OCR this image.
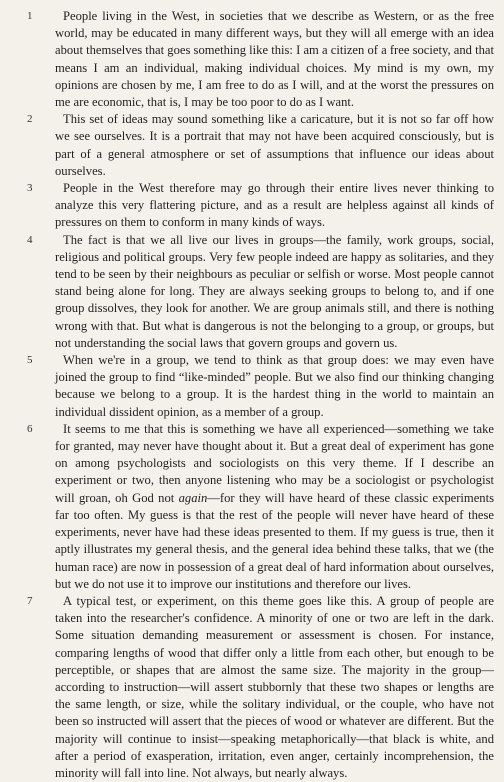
1	People living in the West, in societies that we describe as Western, or as the free world, may be educated in many different ways, but they will all emerge with an idea about themselves that goes something like this: I am a citizen of a free society, and that means I am an individual, making individual choices. My mind is my own, my opinions are chosen by me, I am free to do as I will, and at the worst the pressures on me are economic, that is, I may be too poor to do as I want.

2	This set of ideas may sound something like a caricature, but it is not so far off how we see ourselves. It is a portrait that may not have been acquired consciously, but is part of a general atmosphere or set of assumptions that influence our ideas about ourselves.

3	People in the West therefore may go through their entire lives never thinking to analyze this very flattering picture, and as a result are helpless against all kinds of pressures on them to conform in many kinds of ways.

4	The fact is that we all live our lives in groups—the family, work groups, social, religious and political groups. Very few people indeed are happy as solitaries, and they tend to be seen by their neighbours as peculiar or selfish or worse. Most people cannot stand being alone for long. They are always seeking groups to belong to, and if one group dissolves, they look for another. We are group animals still, and there is nothing wrong with that. But what is dangerous is not the belonging to a group, or groups, but not understanding the social laws that govern groups and govern us.

5	When we're in a group, we tend to think as that group does: we may even have joined the group to find “like-minded” people. But we also find our thinking changing because we belong to a group. It is the hardest thing in the world to maintain an individual dissident opinion, as a member of a group.

6	It seems to me that this is something we have all experienced—something we take for granted, may never have thought about it. But a great deal of experiment has gone on among psychologists and sociologists on this very theme. If I describe an experiment or two, then anyone listening who may be a sociologist or psychologist will groan, oh God not again—for they will have heard of these classic experiments far too often. My guess is that the rest of the people will never have heard of these experiments, never have had these ideas presented to them. If my guess is true, then it aptly illustrates my general thesis, and the general idea behind these talks, that we (the human race) are now in possession of a great deal of hard information about ourselves, but we do not use it to improve our institutions and therefore our lives.

7	A typical test, or experiment, on this theme goes like this. A group of people are taken into the researcher's confidence. A minority of one or two are left in the dark. Some situation demanding measurement or assessment is chosen. For instance, comparing lengths of wood that differ only a little from each other, but enough to be perceptible, or shapes that are almost the same size. The majority in the group—according to instruction—will assert stubbornly that these two shapes or lengths are the same length, or size, while the solitary individual, or the couple, who have not been so instructed will assert that the pieces of wood or whatever are different. But the majority will continue to insist—speaking metaphorically—that black is white, and after a period of exasperation, irritation, even anger, certainly incomprehension, the minority will fall into line. Not always, but nearly always.
